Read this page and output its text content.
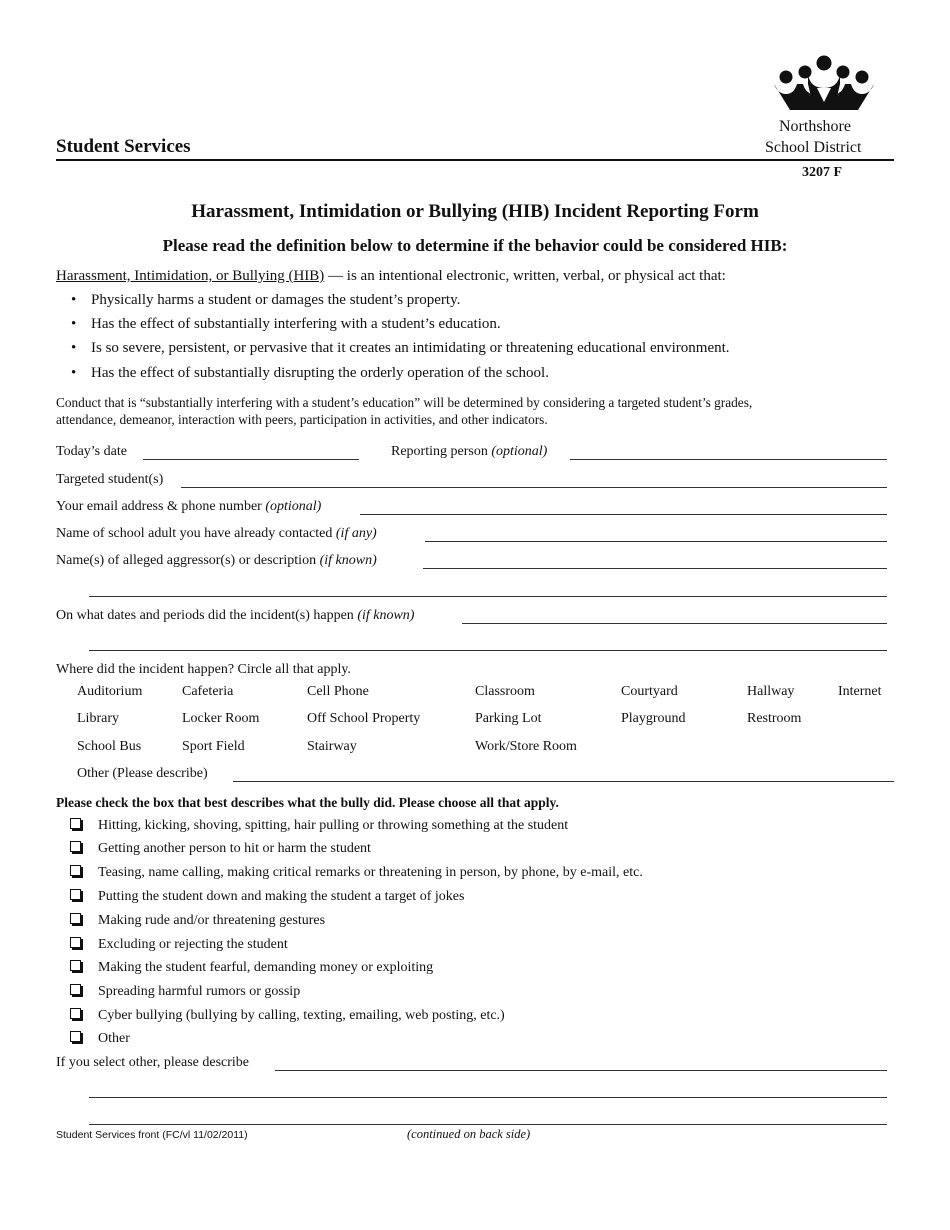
Northshore
School District
Student Services
3207 F
Harassment, Intimidation or Bullying (HIB) Incident Reporting Form
Please read the definition below to determine if the behavior could be considered HIB:
Harassment, Intimidation, or Bullying (HIB) — is an intentional electronic, written, verbal, or physical act that:
• Physically harms a student or damages the student’s property.
• Has the effect of substantially interfering with a student’s education.
• Is so severe, persistent, or pervasive that it creates an intimidating or threatening educational environment.
• Has the effect of substantially disrupting the orderly operation of the school.
Conduct that is “substantially interfering with a student’s education” will be determined by considering a targeted student’s grades,
attendance, demeanor, interaction with peers, participation in activities, and other indicators.
Today’s date	Reporting person (optional)
Targeted student(s)
Your email address & phone number (optional)
Name of school adult you have already contacted (if any)
Name(s) of alleged aggressor(s) or description (if known)
On what dates and periods did the incident(s) happen (if known)
Where did the incident happen? Circle all that apply.
Auditorium	Cafeteria	Cell Phone	Classroom	Courtyard	Hallway	Internet
Library	Locker Room	Off School Property	Parking Lot	Playground	Restroom
School Bus	Sport Field	Stairway	Work/Store Room
Other (Please describe)
Please check the box that best describes what the bully did. Please choose all that apply.
Hitting, kicking, shoving, spitting, hair pulling or throwing something at the student
Getting another person to hit or harm the student
Teasing, name calling, making critical remarks or threatening in person, by phone, by e-mail, etc.
Putting the student down and making the student a target of jokes
Making rude and/or threatening gestures
Excluding or rejecting the student
Making the student fearful, demanding money or exploiting
Spreading harmful rumors or gossip
Cyber bullying (bullying by calling, texting, emailing, web posting, etc.)
Other
If you select other, please describe
Student Services front (FC/vl 11/02/2011)	(continued on back side)
